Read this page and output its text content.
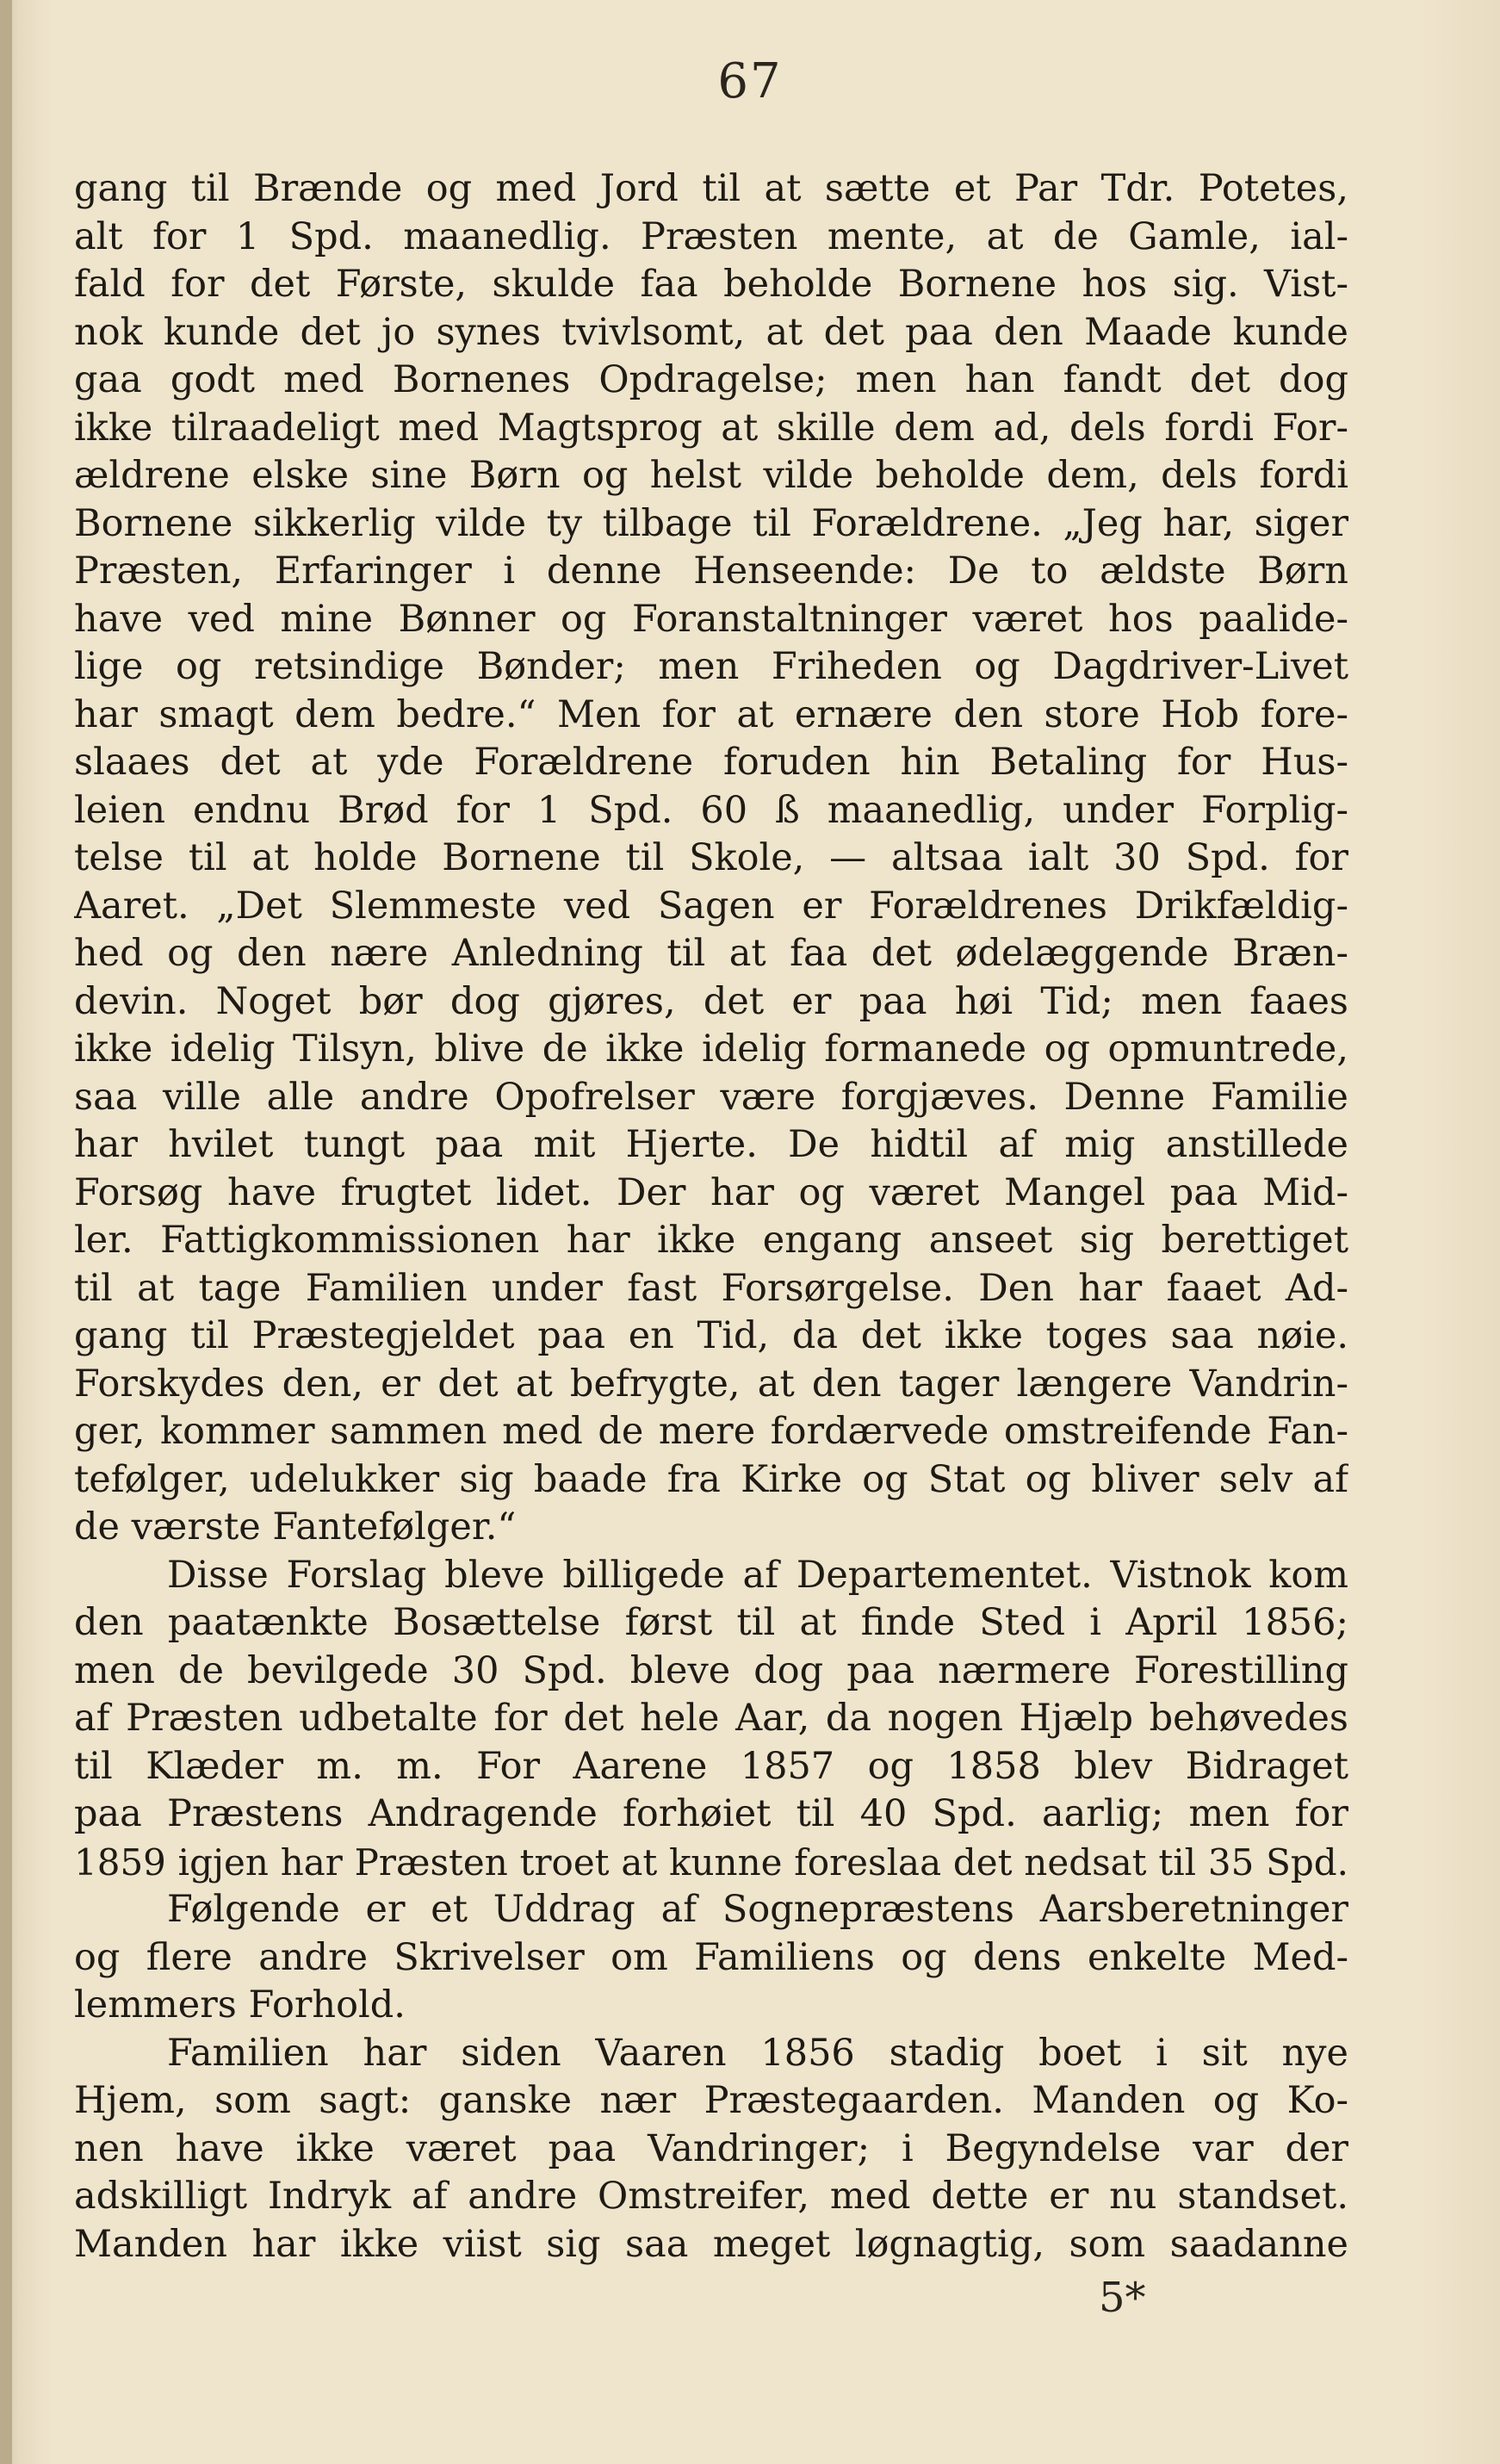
67
gang til Brænde og med Jord til at sætte et Par Tdr. Potetes,
alt for 1 Spd. maanedlig. Præsten mente, at de Gamle, ial-
fald for det Første, skulde faa beholde Bornene hos sig. Vist-
nok kunde det jo synes tvivlsomt, at det paa den Maade kunde
gaa godt med Bornenes Opdragelse; men han fandt det dog
ikke tilraadeligt med Magtsprog at skille dem ad, dels fordi For-
ældrene elske sine Børn og helst vilde beholde dem, dels fordi
Bornene sikkerlig vilde ty tilbage til Forældrene. „Jeg har, siger
Præsten, Erfaringer i denne Henseende: De to ældste Børn
have ved mine Bønner og Foranstaltninger været hos paalide-
lige og retsindige Bønder; men Friheden og Dagdriver-Livet
har smagt dem bedre.“ Men for at ernære den store Hob fore-
slaaes det at yde Forældrene foruden hin Betaling for Hus-
leien endnu Brød for 1 Spd. 60 ß maanedlig, under Forplig-
telse til at holde Bornene til Skole, — altsaa ialt 30 Spd. for
Aaret. „Det Slemmeste ved Sagen er Forældrenes Drikfældig-
hed og den nære Anledning til at faa det ødelæggende Bræn-
devin. Noget bør dog gjøres, det er paa høi Tid; men faaes
ikke idelig Tilsyn, blive de ikke idelig formanede og opmuntrede,
saa ville alle andre Opofrelser være forgjæves. Denne Familie
har hvilet tungt paa mit Hjerte. De hidtil af mig anstillede
Forsøg have frugtet lidet. Der har og været Mangel paa Mid-
ler. Fattigkommissionen har ikke engang anseet sig berettiget
til at tage Familien under fast Forsørgelse. Den har faaet Ad-
gang til Præstegjeldet paa en Tid, da det ikke toges saa nøie.
Forskydes den, er det at befrygte, at den tager længere Vandrin-
ger, kommer sammen med de mere fordærvede omstreifende Fan-
tefølger, udelukker sig baade fra Kirke og Stat og bliver selv af
de værste Fantefølger.“
Disse Forslag bleve billigede af Departementet. Vistnok kom
den paatænkte Bosættelse først til at finde Sted i April 1856;
men de bevilgede 30 Spd. bleve dog paa nærmere Forestilling
af Præsten udbetalte for det hele Aar, da nogen Hjælp behøvedes
til Klæder m. m. For Aarene 1857 og 1858 blev Bidraget
paa Præstens Andragende forhøiet til 40 Spd. aarlig; men for
1859 igjen har Præsten troet at kunne foreslaa det nedsat til 35 Spd.
Følgende er et Uddrag af Sognepræstens Aarsberetninger
og flere andre Skrivelser om Familiens og dens enkelte Med-
lemmers Forhold.
Familien har siden Vaaren 1856 stadig boet i sit nye
Hjem, som sagt: ganske nær Præstegaarden. Manden og Ko-
nen have ikke været paa Vandringer; i Begyndelse var der
adskilligt Indryk af andre Omstreifer, med dette er nu standset.
Manden har ikke viist sig saa meget løgnagtig, som saadanne
5*
